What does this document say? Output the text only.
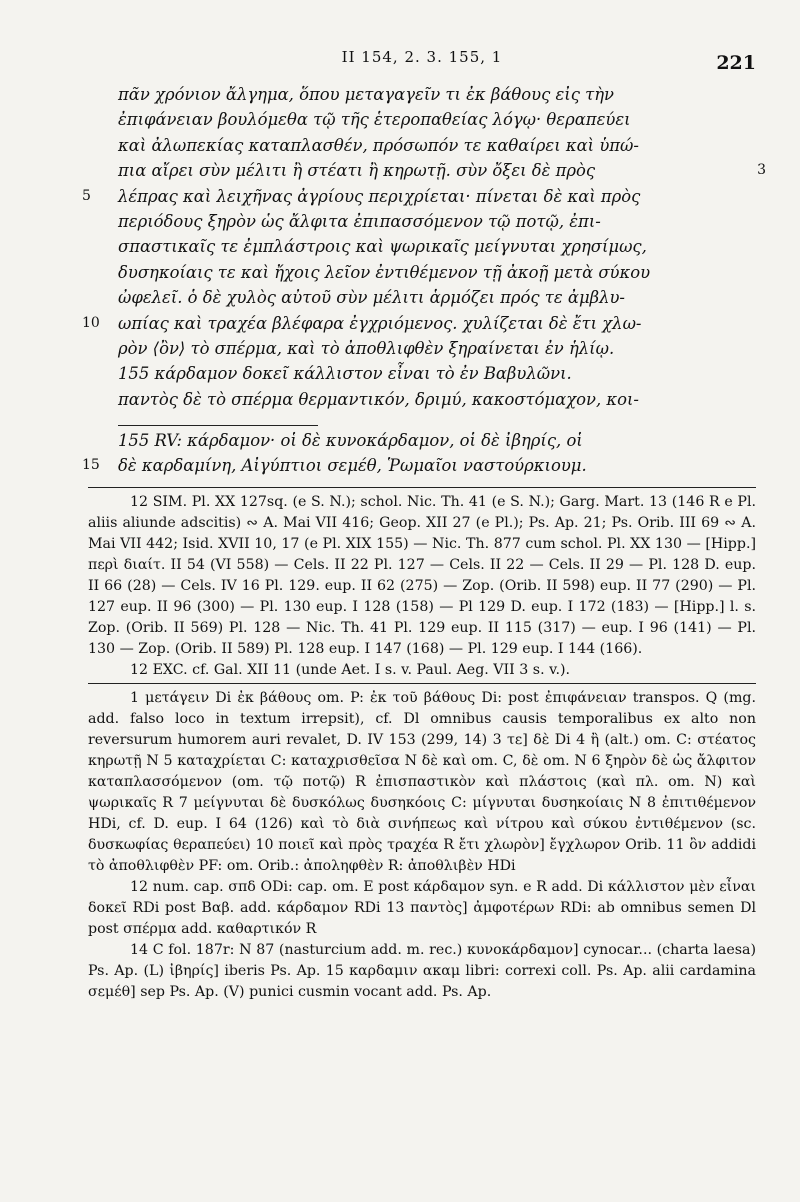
II 154, 2. 3. 155, 1	221
πᾶν χρόνιον ἄλγημα, ὅπου μεταγαγεῖν τι ἐκ βάθους εἰς τὴν
ἐπιφάνειαν βουλόμεθα τῷ τῆς ἑτεροπαθείας λόγῳ· θεραπεύει
καὶ ἀλωπεκίας καταπλασθέν, πρόσωπόν τε καθαίρει καὶ ὑπώ-
πια αἴρει σὺν μέλιτι ἢ στέατι ἢ κηρωτῇ. σὺν ὄξει δὲ πρὸς	3
5 λέπρας καὶ λειχῆνας ἀγρίους περιχρίεται· πίνεται δὲ καὶ πρὸς
περιόδους ξηρὸν ὡς ἄλφιτα ἐπιπασσόμενον τῷ ποτῷ, ἐπι-
σπαστικαῖς τε ἐμπλάστροις καὶ ψωρικαῖς μείγνυται χρησίμως,
δυσηκοίαις τε καὶ ἤχοις λεῖον ἐντιθέμενον τῇ ἀκοῇ μετὰ σύκου
ὠφελεῖ. ὁ δὲ χυλὸς αὐτοῦ σὺν μέλιτι ἁρμόζει πρός τε ἀμβλυ-
10 ωπίας καὶ τραχέα βλέφαρα ἐγχριόμενος. χυλίζεται δὲ ἔτι χλω-
ρὸν ⟨ὂν⟩ τὸ σπέρμα, καὶ τὸ ἀποθλιφθὲν ξηραίνεται ἐν ἡλίῳ.
155 κάρδαμον δοκεῖ κάλλιστον εἶναι τὸ ἐν Βαβυλῶνι.
παντὸς δὲ τὸ σπέρμα θερμαντικόν, δριμύ, κακοστόμαχον, κοι-
155 RV: κάρδαμον· οἱ δὲ κυνοκάρδαμον, οἱ δὲ ἰβηρίς, οἱ
15 δὲ καρδαμίνη, Αἰγύπτιοι σεμέθ, Ῥωμαῖοι ναστούρκιουμ.

12 SIM. Pl. XX 127sq. (e S. N.); schol. Nic. Th. 41 (e S. N.); Garg. Mart. 13 (146 R e Pl. aliis aliunde adscitis) ∾ A. Mai VII 416; Geop. XII 27 (e Pl.); Ps. Ap. 21; Ps. Orib. III 69 ∾ A. Mai VII 442; Isid. XVII 10, 17 (e Pl. XIX 155) — Nic. Th. 877 cum schol. Pl. XX 130 — [Hipp.] περὶ διαίτ. II 54 (VI 558) — Cels. II 22 Pl. 127 — Cels. II 22 — Cels. II 29 — Pl. 128 D. eup. II 66 (28) — Cels. IV 16 Pl. 129. eup. II 62 (275) — Zop. (Orib. II 598) eup. II 77 (290) — Pl. 127 eup. II 96 (300) — Pl. 130 eup. I 128 (158) — Pl 129 D. eup. I 172 (183) — [Hipp.] l. s. Zop. (Orib. II 569) Pl. 128 — Nic. Th. 41 Pl. 129 eup. II 115 (317) — eup. I 96 (141) — Pl. 130 — Zop. (Orib. II 589) Pl. 128 eup. I 147 (168) — Pl. 129 eup. I 144 (166).

12 EXC. cf. Gal. XII 11 (unde Aet. I s. v. Paul. Aeg. VII 3 s. v.).

1 μετάγειν Di ἐκ βάθους om. P: ἐκ τοῦ βάθους Di: post ἐπιφάνειαν transpos. Q (mg. add. falso loco in textum irrepsit), cf. Dl omnibus causis temporalibus ex alto non reversurum humorem auri revalet, D. IV 153 (299, 14) 3 τε] δὲ Di 4 ἢ (alt.) om. C: στέατος κηρωτῇ N 5 καταχρίεται C: καταχρισθεῖσα N δὲ καὶ om. C, δὲ om. N 6 ξηρὸν δὲ ὡς ἄλφιτον καταπλασσόμενον (om. τῷ ποτῷ) R ἐπισπαστικὸν καὶ πλάστοις (καὶ πλ. om. N) καὶ ψωρικαῖς R 7 μείγνυται δὲ δυσκόλως δυσηκόοις C: μίγνυται δυσηκοίαις N 8 ἐπιτιθέμενον HDi, cf. D. eup. I 64 (126) καὶ τὸ διὰ σινήπεως καὶ νίτρου καὶ σύκου ἐντιθέμενον (sc. δυσκωφίας θεραπεύει) 10 ποιεῖ καὶ πρὸς τραχέα R ἔτι χλωρὸν] ἔγχλωρον Orib. 11 ὂν addidi τὸ ἀποθλιφθὲν PF: om. Orib.: ἀποληφθὲν R: ἀποθλιβὲν HDi

12 num. cap. σπδ ODi: cap. om. E post κάρδαμον syn. e R add. Di κάλλιστον μὲν εἶναι δοκεῖ RDi post Βαβ. add. κάρδαμον RDi 13 παντὸς] ἀμφοτέρων RDi: ab omnibus semen Dl post σπέρμα add. καθαρτικόν R

14 C fol. 187r: N 87 (nasturcium add. m. rec.) κυνοκάρδαμον] cynocar... (charta laesa) Ps. Ap. (L) ἰβηρίς] iberis Ps. Ap. 15 καρδαμιν ακαμ libri: correxi coll. Ps. Ap. alii cardamina σεμέθ] sep Ps. Ap. (V) punici cusmin vocant add. Ps. Ap.
